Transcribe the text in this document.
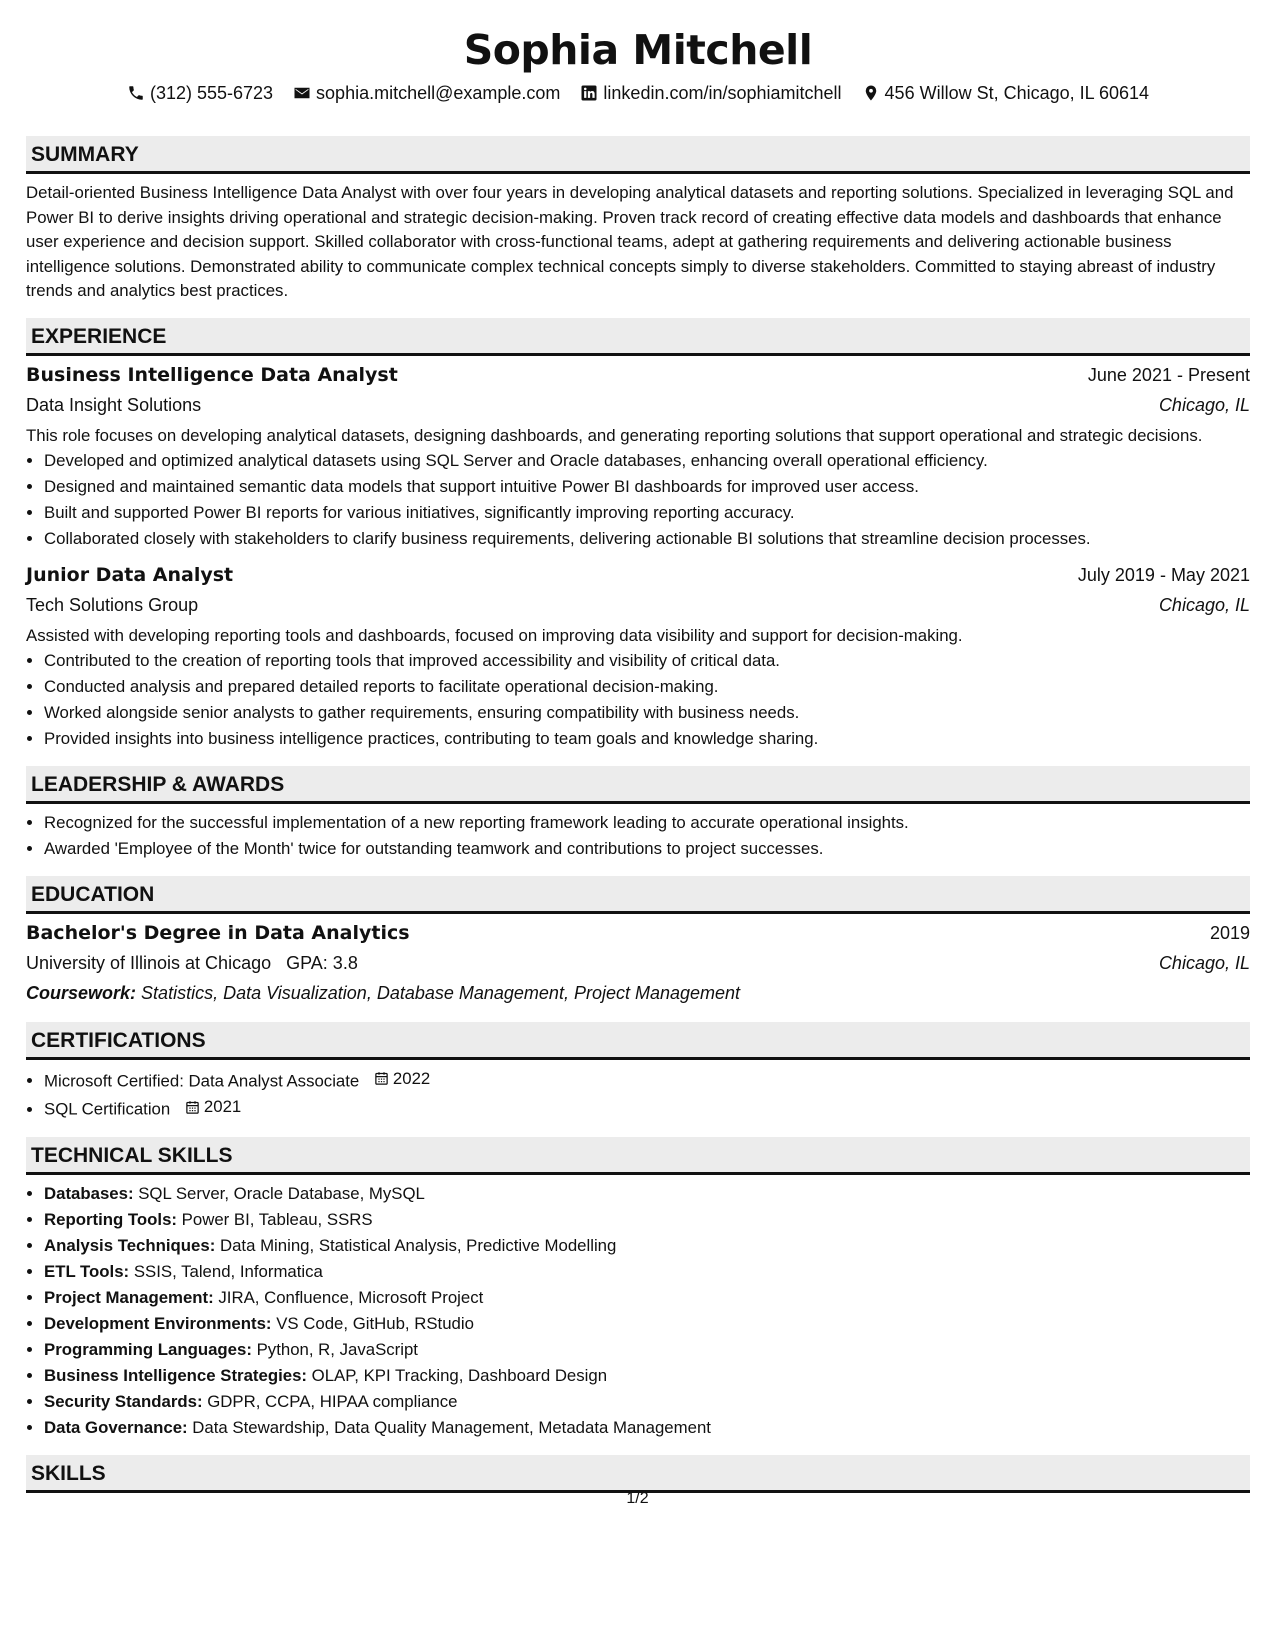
Sophia Mitchell
(312) 555-6723 sophia.mitchell@example.com linkedin.com/in/sophiamitchell 456 Willow St, Chicago, IL 60614
SUMMARY
Detail-oriented Business Intelligence Data Analyst with over four years in developing analytical datasets and reporting solutions. Specialized in leveraging SQL and Power BI to derive insights driving operational and strategic decision-making. Proven track record of creating effective data models and dashboards that enhance user experience and decision support. Skilled collaborator with cross-functional teams, adept at gathering requirements and delivering actionable business intelligence solutions. Demonstrated ability to communicate complex technical concepts simply to diverse stakeholders. Committed to staying abreast of industry trends and analytics best practices.
EXPERIENCE
Business Intelligence Data Analyst	June 2021 - Present
Data Insight Solutions	Chicago, IL
This role focuses on developing analytical datasets, designing dashboards, and generating reporting solutions that support operational and strategic decisions.
• Developed and optimized analytical datasets using SQL Server and Oracle databases, enhancing overall operational efficiency.
• Designed and maintained semantic data models that support intuitive Power BI dashboards for improved user access.
• Built and supported Power BI reports for various initiatives, significantly improving reporting accuracy.
• Collaborated closely with stakeholders to clarify business requirements, delivering actionable BI solutions that streamline decision processes.
Junior Data Analyst	July 2019 - May 2021
Tech Solutions Group	Chicago, IL
Assisted with developing reporting tools and dashboards, focused on improving data visibility and support for decision-making.
• Contributed to the creation of reporting tools that improved accessibility and visibility of critical data.
• Conducted analysis and prepared detailed reports to facilitate operational decision-making.
• Worked alongside senior analysts to gather requirements, ensuring compatibility with business needs.
• Provided insights into business intelligence practices, contributing to team goals and knowledge sharing.
LEADERSHIP & AWARDS
• Recognized for the successful implementation of a new reporting framework leading to accurate operational insights.
• Awarded 'Employee of the Month' twice for outstanding teamwork and contributions to project successes.
EDUCATION
Bachelor's Degree in Data Analytics	2019
University of Illinois at Chicago GPA: 3.8	Chicago, IL
Coursework: Statistics, Data Visualization, Database Management, Project Management
CERTIFICATIONS
• Microsoft Certified: Data Analyst Associate 2022
• SQL Certification 2021
TECHNICAL SKILLS
• Databases: SQL Server, Oracle Database, MySQL
• Reporting Tools: Power BI, Tableau, SSRS
• Analysis Techniques: Data Mining, Statistical Analysis, Predictive Modelling
• ETL Tools: SSIS, Talend, Informatica
• Project Management: JIRA, Confluence, Microsoft Project
• Development Environments: VS Code, GitHub, RStudio
• Programming Languages: Python, R, JavaScript
• Business Intelligence Strategies: OLAP, KPI Tracking, Dashboard Design
• Security Standards: GDPR, CCPA, HIPAA compliance
• Data Governance: Data Stewardship, Data Quality Management, Metadata Management
SKILLS
1/2
